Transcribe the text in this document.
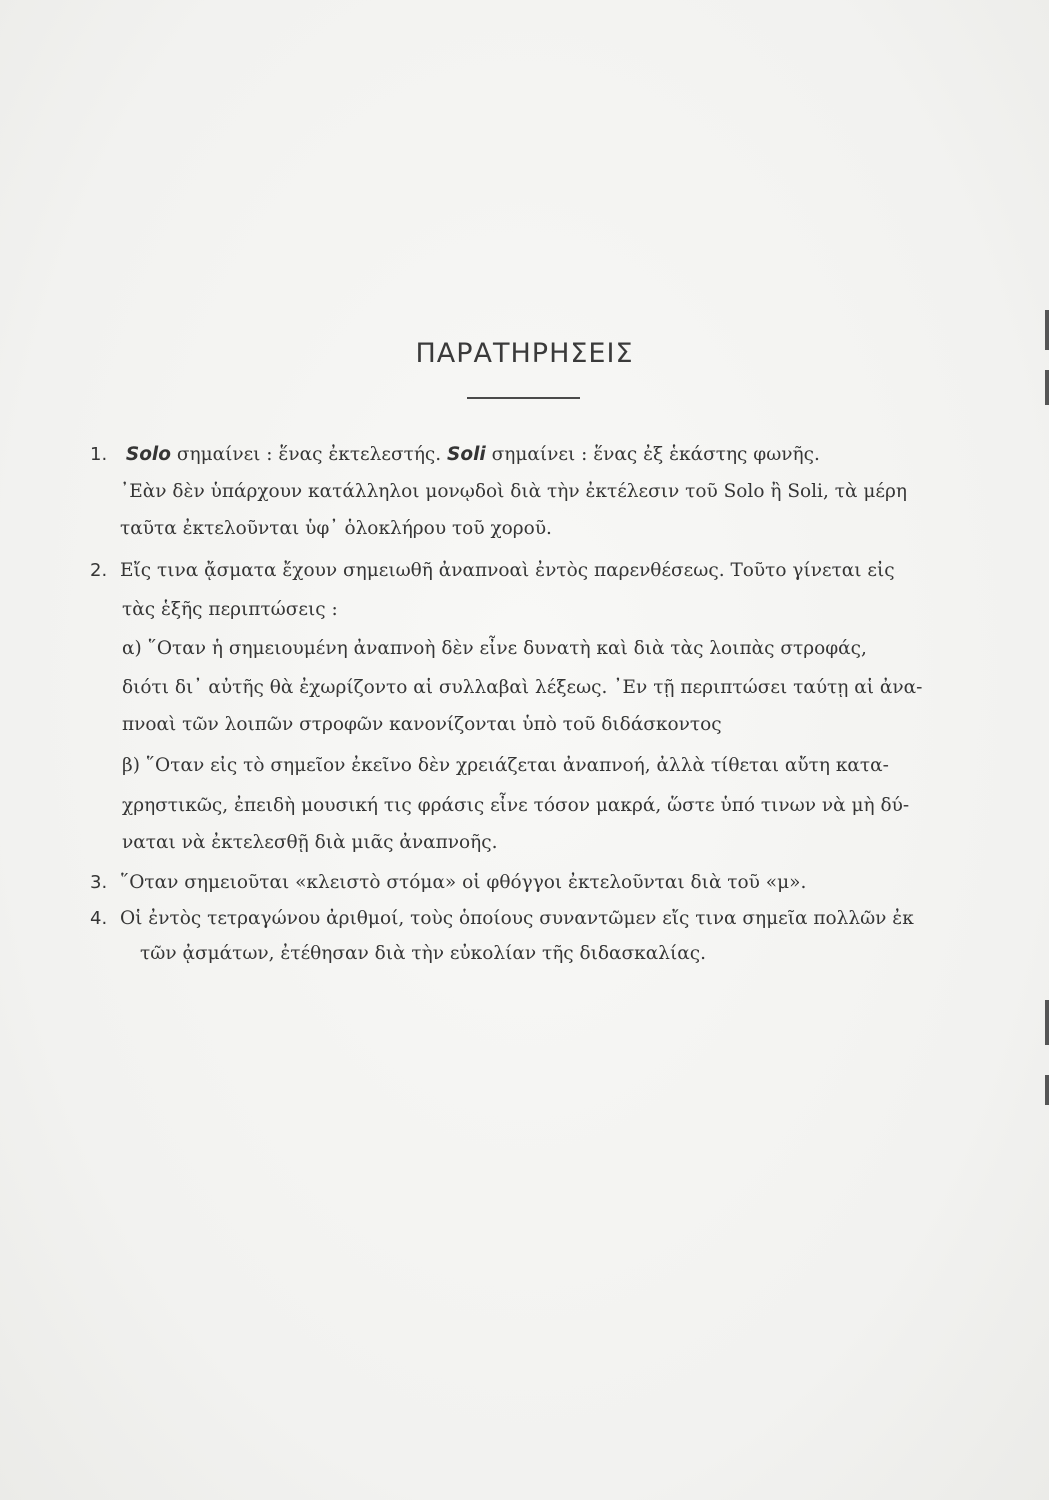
ΠΑΡΑΤΗΡΗΣΕΙΣ
1. Solo σημαίνει : ἕνας ἐκτελεστής. Soli σημαίνει : ἕνας ἐξ ἑκάστης φωνῆς.
᾽Εὰν δὲν ὑπάρχουν κατάλληλοι μονῳδοὶ διὰ τὴν ἐκτέλεσιν τοῦ Solo ἢ Soli, τὰ μέρη
ταῦτα ἐκτελοῦνται ὑφ᾽ ὁλοκλήρου τοῦ χοροῦ.
2. Εἴς τινα ᾄσματα ἔχουν σημειωθῆ ἀναπνοαὶ ἐντὸς παρενθέσεως. Τοῦτο γίνεται εἰς
τὰς ἑξῆς περιπτώσεις :
α) ῞Οταν ἡ σημειουμένη ἀναπνοὴ δὲν εἶνε δυνατὴ καὶ διὰ τὰς λοιπὰς στροφάς,
διότι δι᾽ αὐτῆς θὰ ἐχωρίζοντο αἱ συλλαβαὶ λέξεως. ᾽Εν τῇ περιπτώσει ταύτῃ αἱ ἀνα-
πνοαὶ τῶν λοιπῶν στροφῶν κανονίζονται ὑπὸ τοῦ διδάσκοντος
β) ῞Οταν εἰς τὸ σημεῖον ἐκεῖνο δὲν χρειάζεται ἀναπνοή, ἀλλὰ τίθεται αὔτη κατα-
χρηστικῶς, ἐπειδὴ μουσική τις φράσις εἶνε τόσον μακρά, ὥστε ὑπό τινων νὰ μὴ δύ-
ναται νὰ ἐκτελεσθῇ διὰ μιᾶς ἀναπνοῆς.
3. ῞Οταν σημειοῦται «κλειστὸ στόμα» οἱ φθόγγοι ἐκτελοῦνται διὰ τοῦ «μ».
4. Οἱ ἐντὸς τετραγώνου ἀριθμοί, τοὺς ὁποίους συναντῶμεν εἴς τινα σημεῖα πολλῶν ἐκ
τῶν ᾀσμάτων, ἐτέθησαν διὰ τὴν εὐκολίαν τῆς διδασκαλίας.
